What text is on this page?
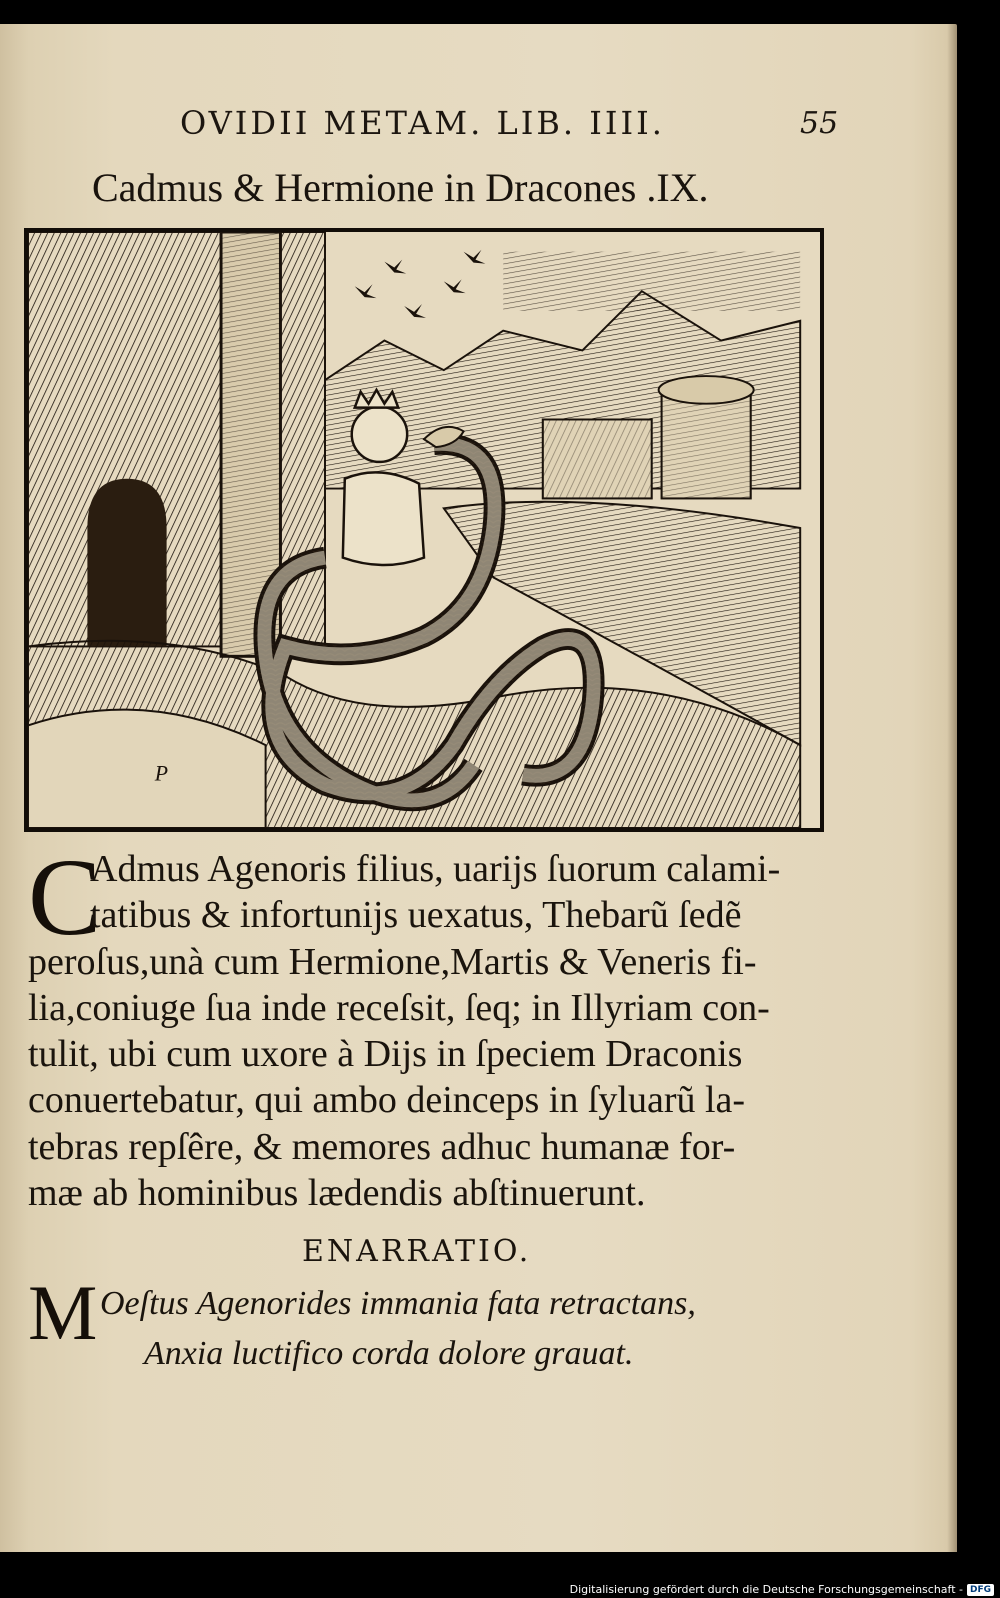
OVIDII METAM. LIB. IIII.	55
Cadmus & Hermione in Dracones .IX.
P
C
Admus Agenoris filius, uarijs ſuorum calami-
tatibus & infortunijs uexatus, Thebarũ ſedẽ
peroſus,unà cum Hermione,Martis & Veneris fi-
lia,coniuge ſua inde receſsit, ſeq; in Illyriam con-
tulit, ubi cum uxore à Dijs in ſpeciem Draconis
conuertebatur, qui ambo deinceps in ſyluarũ la-
tebras repſêre, & memores adhuc humanæ for-
mæ ab hominibus lædendis abſtinuerunt.
ENARRATIO.
M Oeſtus Agenorides immania fata retractans,
Anxia luctifico corda dolore grauat.
Digitalisierung gefördert durch die Deutsche Forschungsgemeinschaft - DFG
